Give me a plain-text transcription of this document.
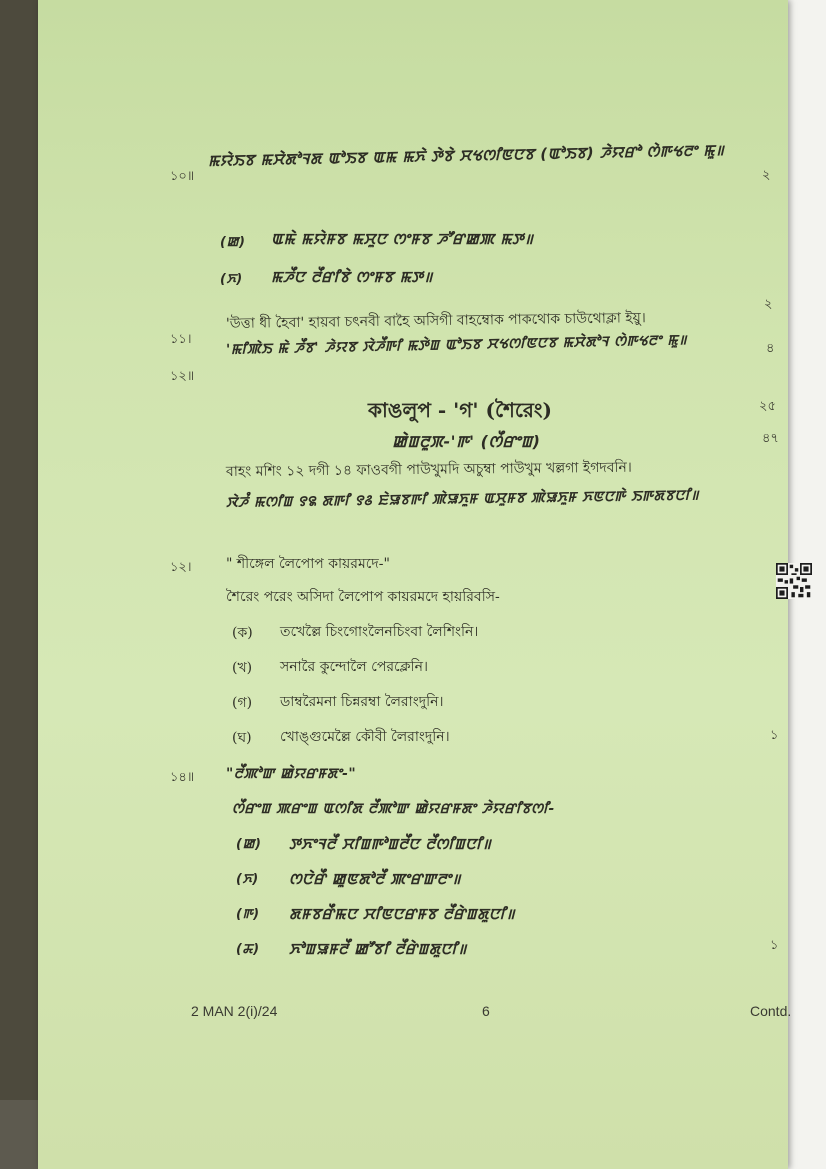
১০॥
ꯃꯌꯥꯏꯕ ꯃꯆꯥꯗꯣꯜꯗ ꯑꯣꯏꯕ ꯑꯃ ꯃꯈꯥ ꯇꯥꯕꯥ ꯆꯠꯁꯤꯟꯅꯕ (ꯑꯣꯏꯕ) ꯍꯥꯌꯔꯣ ꯁꯥꯒꯠꯂꯦ ꯃꯨ॥
২
(ꯀ) ꯑꯃꯥ ꯃꯌꯥꯝꯕ ꯃꯆꯨꯅ ꯁꯦꯝꯕ ꯍꯧꯔꯀꯄ ꯃꯇ॥
(ꯈ) ꯃꯍꯩꯅ ꯂꯩꯔꯤꯕꯥ ꯁꯦꯝꯕ ꯃꯇ॥
১১।
'উত্তা ধী হৈবা' হায়বা চৎনবী বাহৈ অসিগী বাহম্বোক পাকথোক চাউথোক্লা ইয়ু।
২
১২॥
'ꯃꯤꯄꯥꯏ ꯃꯥ ꯍꯩꯕ' ꯍꯥꯌꯕ ꯋꯥꯍꯩꯒꯤ ꯃꯇꯥꯡ ꯑꯣꯏꯕ ꯆꯠꯁꯤꯟꯅꯕ ꯃꯆꯥꯗꯣꯜ ꯁꯥꯒꯠꯂꯦ ꯃꯨ॥	৪
কাঙলুপ - 'গ' (শৈরেং)	২৫
ꯀꯥꯡꯂꯨꯞ-'ꯒ' (ꯁꯩꯔꯦꯡ)	৪৭
বাহং মশিং ১২ দগী ১৪ ফাওবগী পাউখুমদি অচুম্বা পাউখুম খল্লগা ইগদবনি।
ꯋꯥꯍꯪ ꯃꯁꯤꯡ ꯱꯲ ꯗꯒꯤ ꯱꯴ ꯐꯥꯎꯕꯒꯤ ꯄꯥꯎꯈꯨꯝ ꯑꯆꯨꯝꯕ ꯄꯥꯎꯈꯨꯝ ꯈꯟꯅꯒꯥ ꯏꯒꯗꯕꯅꯤ॥
১২। " শীঙ্গেল লৈপোপ কায়রমদে-"
শৈরেং পরেং অসিদা লৈপোপ কায়রমদে হায়রিবসি-
(ক) তখেল্লৈ চিংগোংলৈনচিংবা লৈশিংনি।
(খ) সনারৈ কুন্দোলৈ পেরক্লেনি।
(গ) ডাম্বরৈমনা চিন্নরম্বা লৈরাংদুনি।
(ঘ) খোঙ্গুমেল্লৈ কৌবী লৈরাংদুনি।	১
১৪॥ "ꯂꯩꯄꯣꯛ ꯀꯥꯌꯔꯝꯗꯦ-"
ꯁꯩꯔꯦꯡ ꯄꯔꯦꯡ ꯑꯁꯤꯗ ꯂꯩꯄꯣꯛ ꯀꯥꯌꯔꯝꯗꯦ ꯍꯥꯌꯔꯤꯕꯁꯤ-
(ꯀ) ꯇꯈꯦꯜꯂꯩ ꯆꯤꯡꯒꯣꯡꯂꯩꯅ ꯂꯩꯁꯤꯡꯅꯤ॥
(ꯈ) ꯁꯅꯥꯔꯩ ꯀꯨꯟꯗꯣꯂꯩ ꯄꯦꯔꯛꯂꯦ॥
(ꯒ) ꯗꯝꯕꯔꯩꯃꯅ ꯆꯤꯟꯅꯔꯝꯕ ꯂꯩꯔꯥꯡꯗꯨꯅꯤ॥
(ꯘ) ꯈꯣꯡꯎꯝꯂꯩ ꯀꯧꯕꯤ ꯂꯩꯔꯥꯡꯗꯨꯅꯤ॥	১
2 MAN 2(i)/24	6	Contd.
